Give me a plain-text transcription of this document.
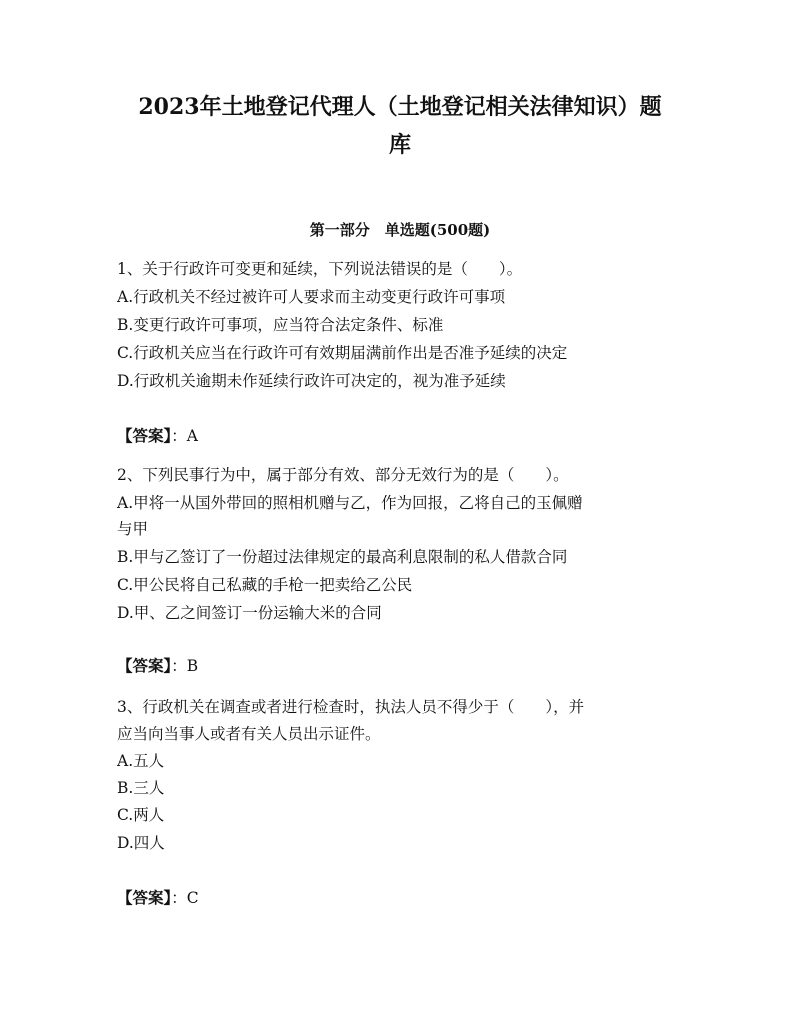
2023年土地登记代理人（土地登记相关法律知识）题
库
第一部分　单选题(500题)

1、关于行政许可变更和延续，下列说法错误的是（　　）。

A.行政机关不经过被许可人要求而主动变更行政许可事项

B.变更行政许可事项，应当符合法定条件、标准

C.行政机关应当在行政许可有效期届满前作出是否准予延续的决定

D.行政机关逾期未作延续行政许可决定的，视为准予延续

【答案】：A

2、下列民事行为中，属于部分有效、部分无效行为的是（　　）。

A.甲将一从国外带回的照相机赠与乙，作为回报，乙将自己的玉佩赠

与甲

B.甲与乙签订了一份超过法律规定的最高利息限制的私人借款合同

C.甲公民将自己私藏的手枪一把卖给乙公民

D.甲、乙之间签订一份运输大米的合同

【答案】：B

3、行政机关在调查或者进行检查时，执法人员不得少于（　　），并

应当向当事人或者有关人员出示证件。

A.五人

B.三人

C.两人

D.四人

【答案】：C
